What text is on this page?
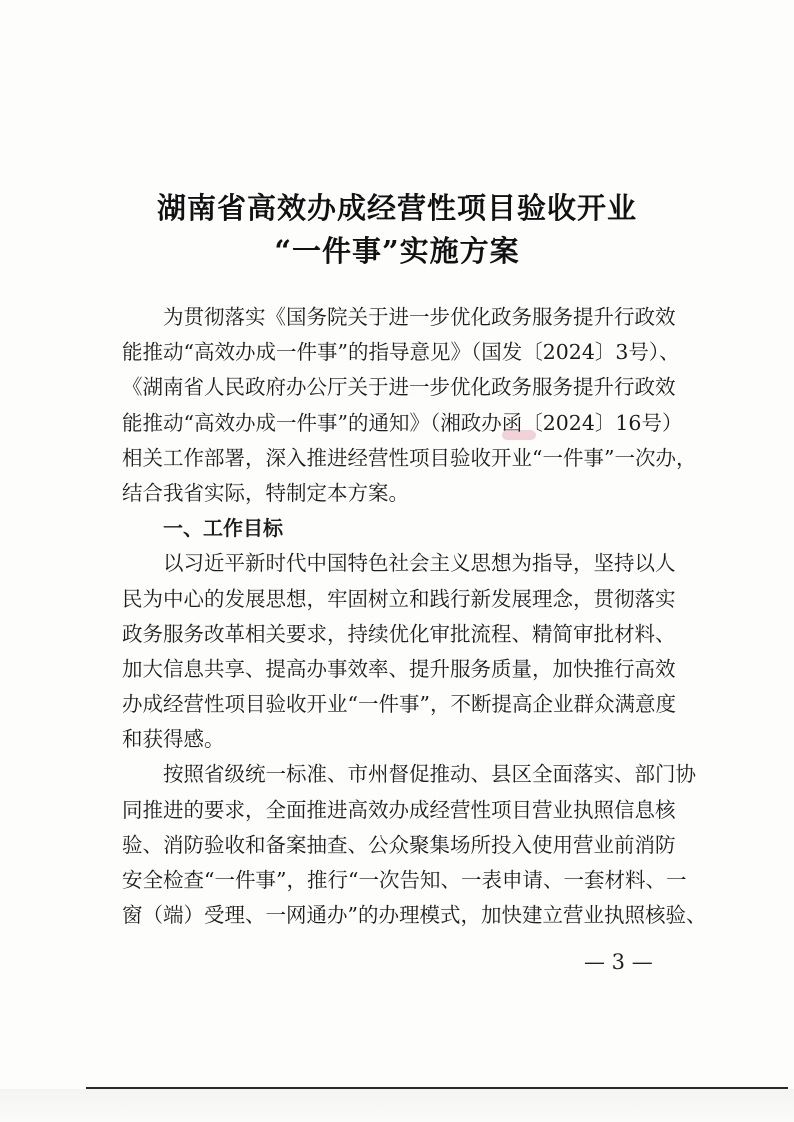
湖南省高效办成经营性项目验收开业
“一件事”实施方案
为贯彻落实《国务院关于进一步优化政务服务提升行政效
能推动“高效办成一件事”的指导意见》（国发〔2024〕3号）、
《湖南省人民政府办公厅关于进一步优化政务服务提升行政效
能推动“高效办成一件事”的通知》（湘政办函〔2024〕16号）
相关工作部署，深入推进经营性项目验收开业“一件事”一次办，
结合我省实际，特制定本方案。
一、工作目标
以习近平新时代中国特色社会主义思想为指导，坚持以人
民为中心的发展思想，牢固树立和践行新发展理念，贯彻落实
政务服务改革相关要求，持续优化审批流程、精简审批材料、
加大信息共享、提高办事效率、提升服务质量，加快推行高效
办成经营性项目验收开业“一件事”，不断提高企业群众满意度
和获得感。
按照省级统一标准、市州督促推动、县区全面落实、部门协
同推进的要求，全面推进高效办成经营性项目营业执照信息核
验、消防验收和备案抽查、公众聚集场所投入使用营业前消防
安全检查“一件事”，推行“一次告知、一表申请、一套材料、一
窗（端）受理、一网通办”的办理模式，加快建立营业执照核验、
— 3 —
